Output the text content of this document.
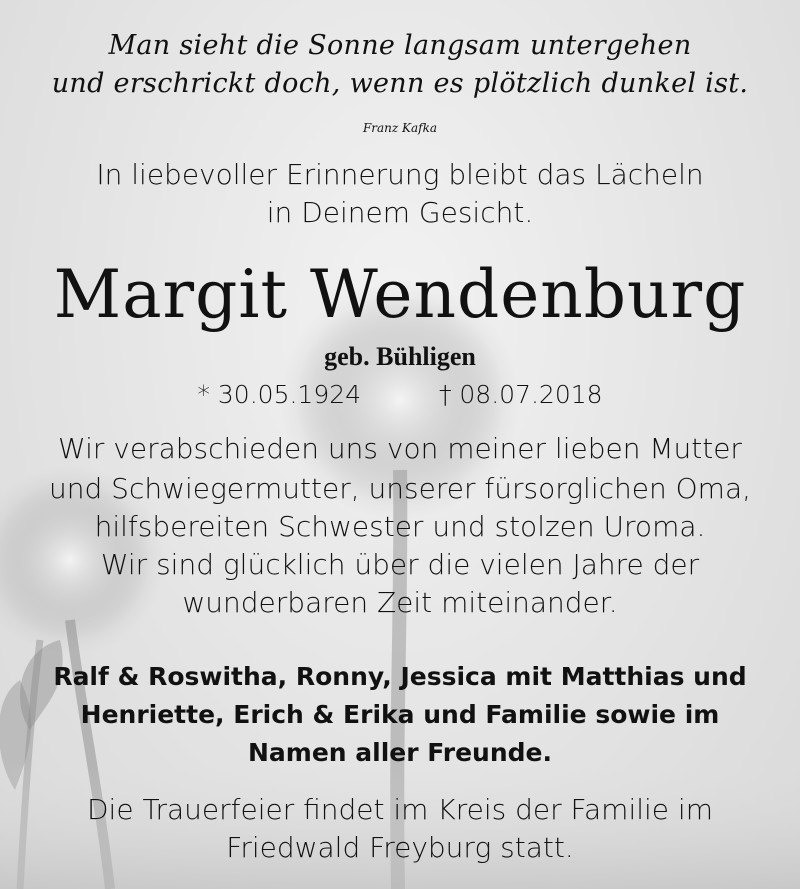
Man sieht die Sonne langsam untergehen
und erschrickt doch, wenn es plötzlich dunkel ist.
Franz Kafka
In liebevoller Erinnerung bleibt das Lächeln
in Deinem Gesicht.
Margit Wendenburg
geb. Bühligen
* 30.05.1924	† 08.07.2018
Wir verabschieden uns von meiner lieben Mutter
und Schwiegermutter, unserer fürsorglichen Oma,
hilfsbereiten Schwester und stolzen Uroma.
Wir sind glücklich über die vielen Jahre der
wunderbaren Zeit miteinander.
Ralf & Roswitha, Ronny, Jessica mit Matthias und
Henriette, Erich & Erika und Familie sowie im
Namen aller Freunde.
Die Trauerfeier findet im Kreis der Familie im
Friedwald Freyburg statt.
